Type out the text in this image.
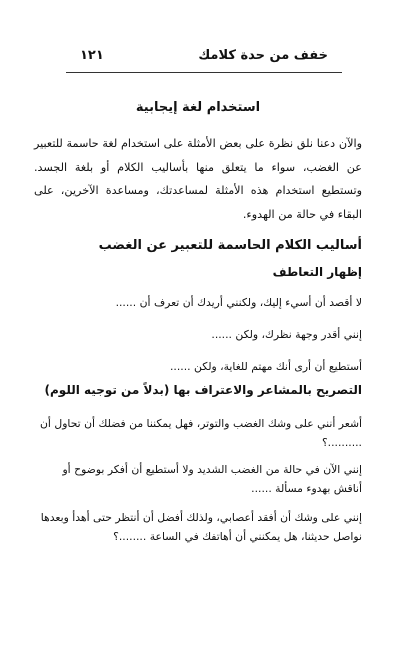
خفف من حدة كلامك
١٢١
استخدام لغة إيجابية
والآن دعنا نلق نظرة على بعض الأمثلة على استخدام لغة حاسمة للتعبير عن الغضب، سواء ما يتعلق منها بأساليب الكلام أو بلغة الجسد. وتستطيع استخدام هذه الأمثلة لمساعدتك، ومساعدة الآخرين، على البقاء في حالة من الهدوء.
أساليب الكلام الحاسمة للتعبير عن الغضب
إظهار التعاطف
لا أقصد أن أسيء إليك، ولكنني أريدك أن تعرف أن ......
إنني أقدر وجهة نظرك، ولكن ......
أستطيع أن أرى أنك مهتم للغاية، ولكن ......
التصريح بالمشاعر والاعتراف بها (بدلاً من توجيه اللوم)
أشعر أنني على وشك الغضب والتوتر، فهل يمكننا من فضلك أن تحاول أن ..........؟
إنني الآن في حالة من الغضب الشديد ولا أستطيع أن أفكر بوضوح أو أناقش بهدوء مسألة ......
إنني على وشك أن أفقد أعصابي، ولذلك أفضل أن أنتظر حتى أهدأ وبعدها نواصل حديثنا، هل يمكنني أن أهاتفك في الساعة ........؟
